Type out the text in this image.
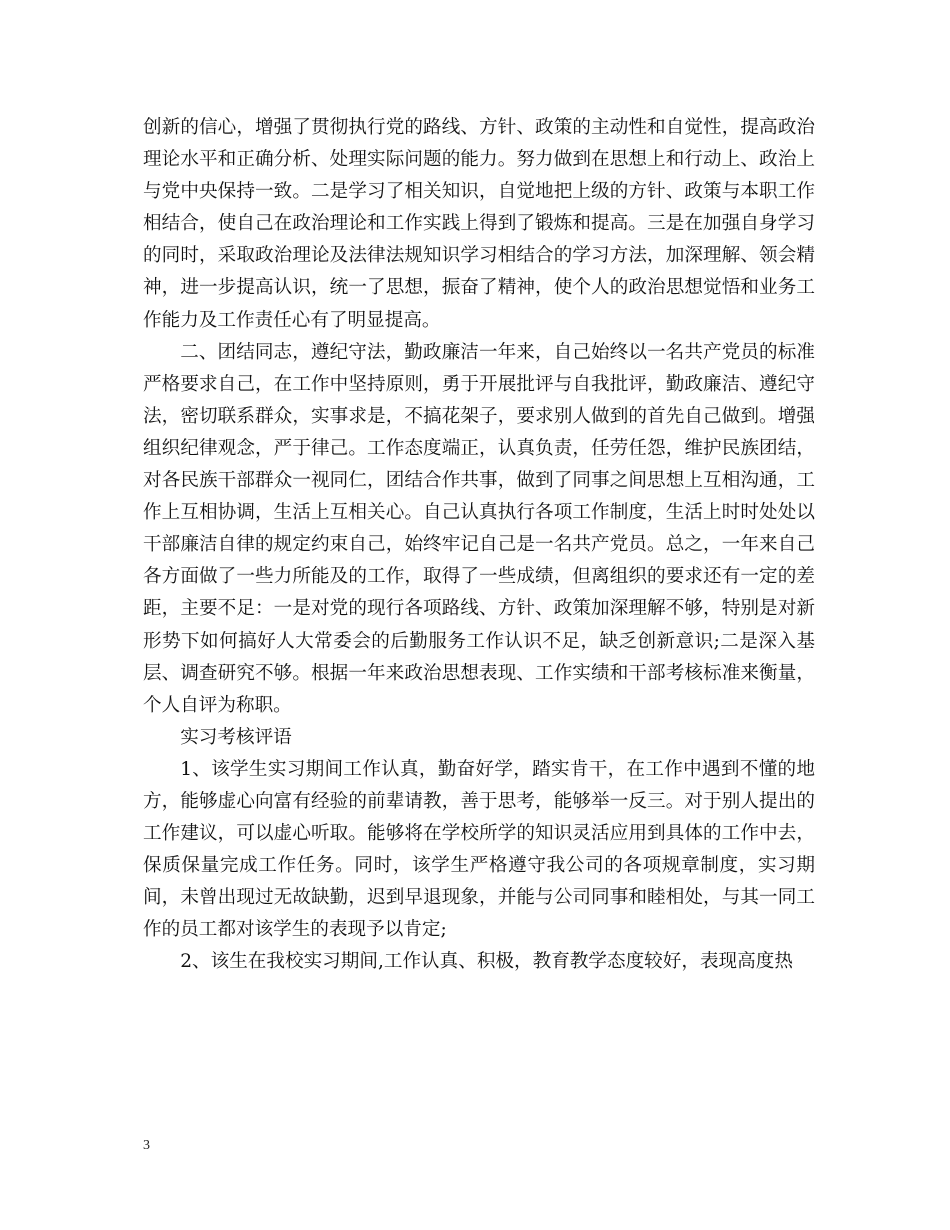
创新的信心，增强了贯彻执行党的路线、方针、政策的主动性和自觉性，提高政治理论水平和正确分析、处理实际问题的能力。努力做到在思想上和行动上、政治上与党中央保持一致。二是学习了相关知识，自觉地把上级的方针、政策与本职工作相结合，使自己在政治理论和工作实践上得到了锻炼和提高。三是在加强自身学习的同时，采取政治理论及法律法规知识学习相结合的学习方法，加深理解、领会精神，进一步提高认识，统一了思想，振奋了精神，使个人的政治思想觉悟和业务工作能力及工作责任心有了明显提高。

二、团结同志，遵纪守法，勤政廉洁一年来，自己始终以一名共产党员的标准严格要求自己，在工作中坚持原则，勇于开展批评与自我批评，勤政廉洁、遵纪守法，密切联系群众，实事求是，不搞花架子，要求别人做到的首先自己做到。增强组织纪律观念，严于律己。工作态度端正，认真负责，任劳任怨，维护民族团结，对各民族干部群众一视同仁，团结合作共事，做到了同事之间思想上互相沟通，工作上互相协调，生活上互相关心。自己认真执行各项工作制度，生活上时时处处以干部廉洁自律的规定约束自己，始终牢记自己是一名共产党员。总之，一年来自己各方面做了一些力所能及的工作，取得了一些成绩，但离组织的要求还有一定的差距，主要不足：一是对党的现行各项路线、方针、政策加深理解不够，特别是对新形势下如何搞好人大常委会的后勤服务工作认识不足，缺乏创新意识;二是深入基层、调查研究不够。根据一年来政治思想表现、工作实绩和干部考核标准来衡量，个人自评为称职。

实习考核评语

1、该学生实习期间工作认真，勤奋好学，踏实肯干，在工作中遇到不懂的地方，能够虚心向富有经验的前辈请教，善于思考，能够举一反三。对于别人提出的工作建议，可以虚心听取。能够将在学校所学的知识灵活应用到具体的工作中去，保质保量完成工作任务。同时，该学生严格遵守我公司的各项规章制度，实习期间，未曾出现过无故缺勤，迟到早退现象，并能与公司同事和睦相处，与其一同工作的员工都对该学生的表现予以肯定;

2、该生在我校实习期间,工作认真、积极，教育教学态度较好，表现高度热

3
